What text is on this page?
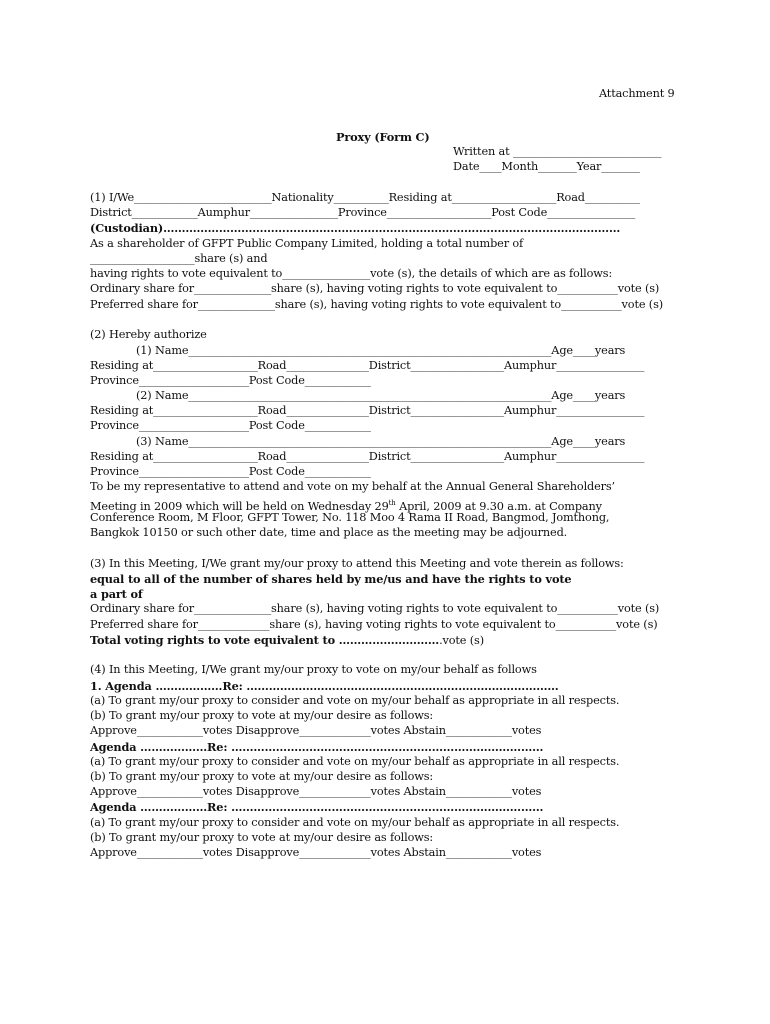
Attachment 9
Proxy (Form C)
Written at ___________________________
Date____Month_______Year_______
(1) I/We_________________________Nationality__________Residing at___________________Road__________
District____________Aumphur________________Province___________________Post Code________________
(Custodian)……………………………………………………………………………………………………………
As a shareholder of GFPT Public Company Limited, holding a total number of
___________________share (s) and
having rights to vote equivalent to________________vote (s), the details of which are as follows:
Ordinary share for______________share (s), having voting rights to vote equivalent to___________vote (s)
Preferred share for______________share (s), having voting rights to vote equivalent to___________vote (s)
(2) Hereby authorize
(1) Name__________________________________________________________________Age____years
Residing at___________________Road_______________District_________________Aumphur________________
Province____________________Post Code____________
(2) Name__________________________________________________________________Age____years
Residing at___________________Road_______________District_________________Aumphur________________
Province____________________Post Code____________
(3) Name__________________________________________________________________Age____years
Residing at___________________Road_______________District_________________Aumphur________________
Province____________________Post Code____________
To be my representative to attend and vote on my behalf at the Annual General Shareholders’
Meeting in 2009 which will be held on Wednesday 29th April, 2009 at 9.30 a.m. at Company
Conference Room, M Floor, GFPT Tower, No. 118 Moo 4 Rama II Road, Bangmod, Jomthong,
Bangkok 10150 or such other date, time and place as the meeting may be adjourned.
(3) In this Meeting, I/We grant my/our proxy to attend this Meeting and vote therein as follows:
equal to all of the number of shares held by me/us and have the rights to vote
a part of
Ordinary share for______________share (s), having voting rights to vote equivalent to___________vote (s)
Preferred share for_____________share (s), having voting rights to vote equivalent to___________vote (s)
Total voting rights to vote equivalent to ……………………….vote (s)
(4) In this Meeting, I/We grant my/our proxy to vote on my/our behalf as follows
1. Agenda ………………Re: …………………………………………………………………………
(a) To grant my/our proxy to consider and vote on my/our behalf as appropriate in all respects.
(b) To grant my/our proxy to vote at my/our desire as follows:
Approve____________votes Disapprove_____________votes Abstain____________votes
Agenda ………………Re: …………………………………………………………………………
(a) To grant my/our proxy to consider and vote on my/our behalf as appropriate in all respects.
(b) To grant my/our proxy to vote at my/our desire as follows:
Approve____________votes Disapprove_____________votes Abstain____________votes
Agenda ………………Re: …………………………………………………………………………
(a) To grant my/our proxy to consider and vote on my/our behalf as appropriate in all respects.
(b) To grant my/our proxy to vote at my/our desire as follows:
Approve____________votes Disapprove_____________votes Abstain____________votes
